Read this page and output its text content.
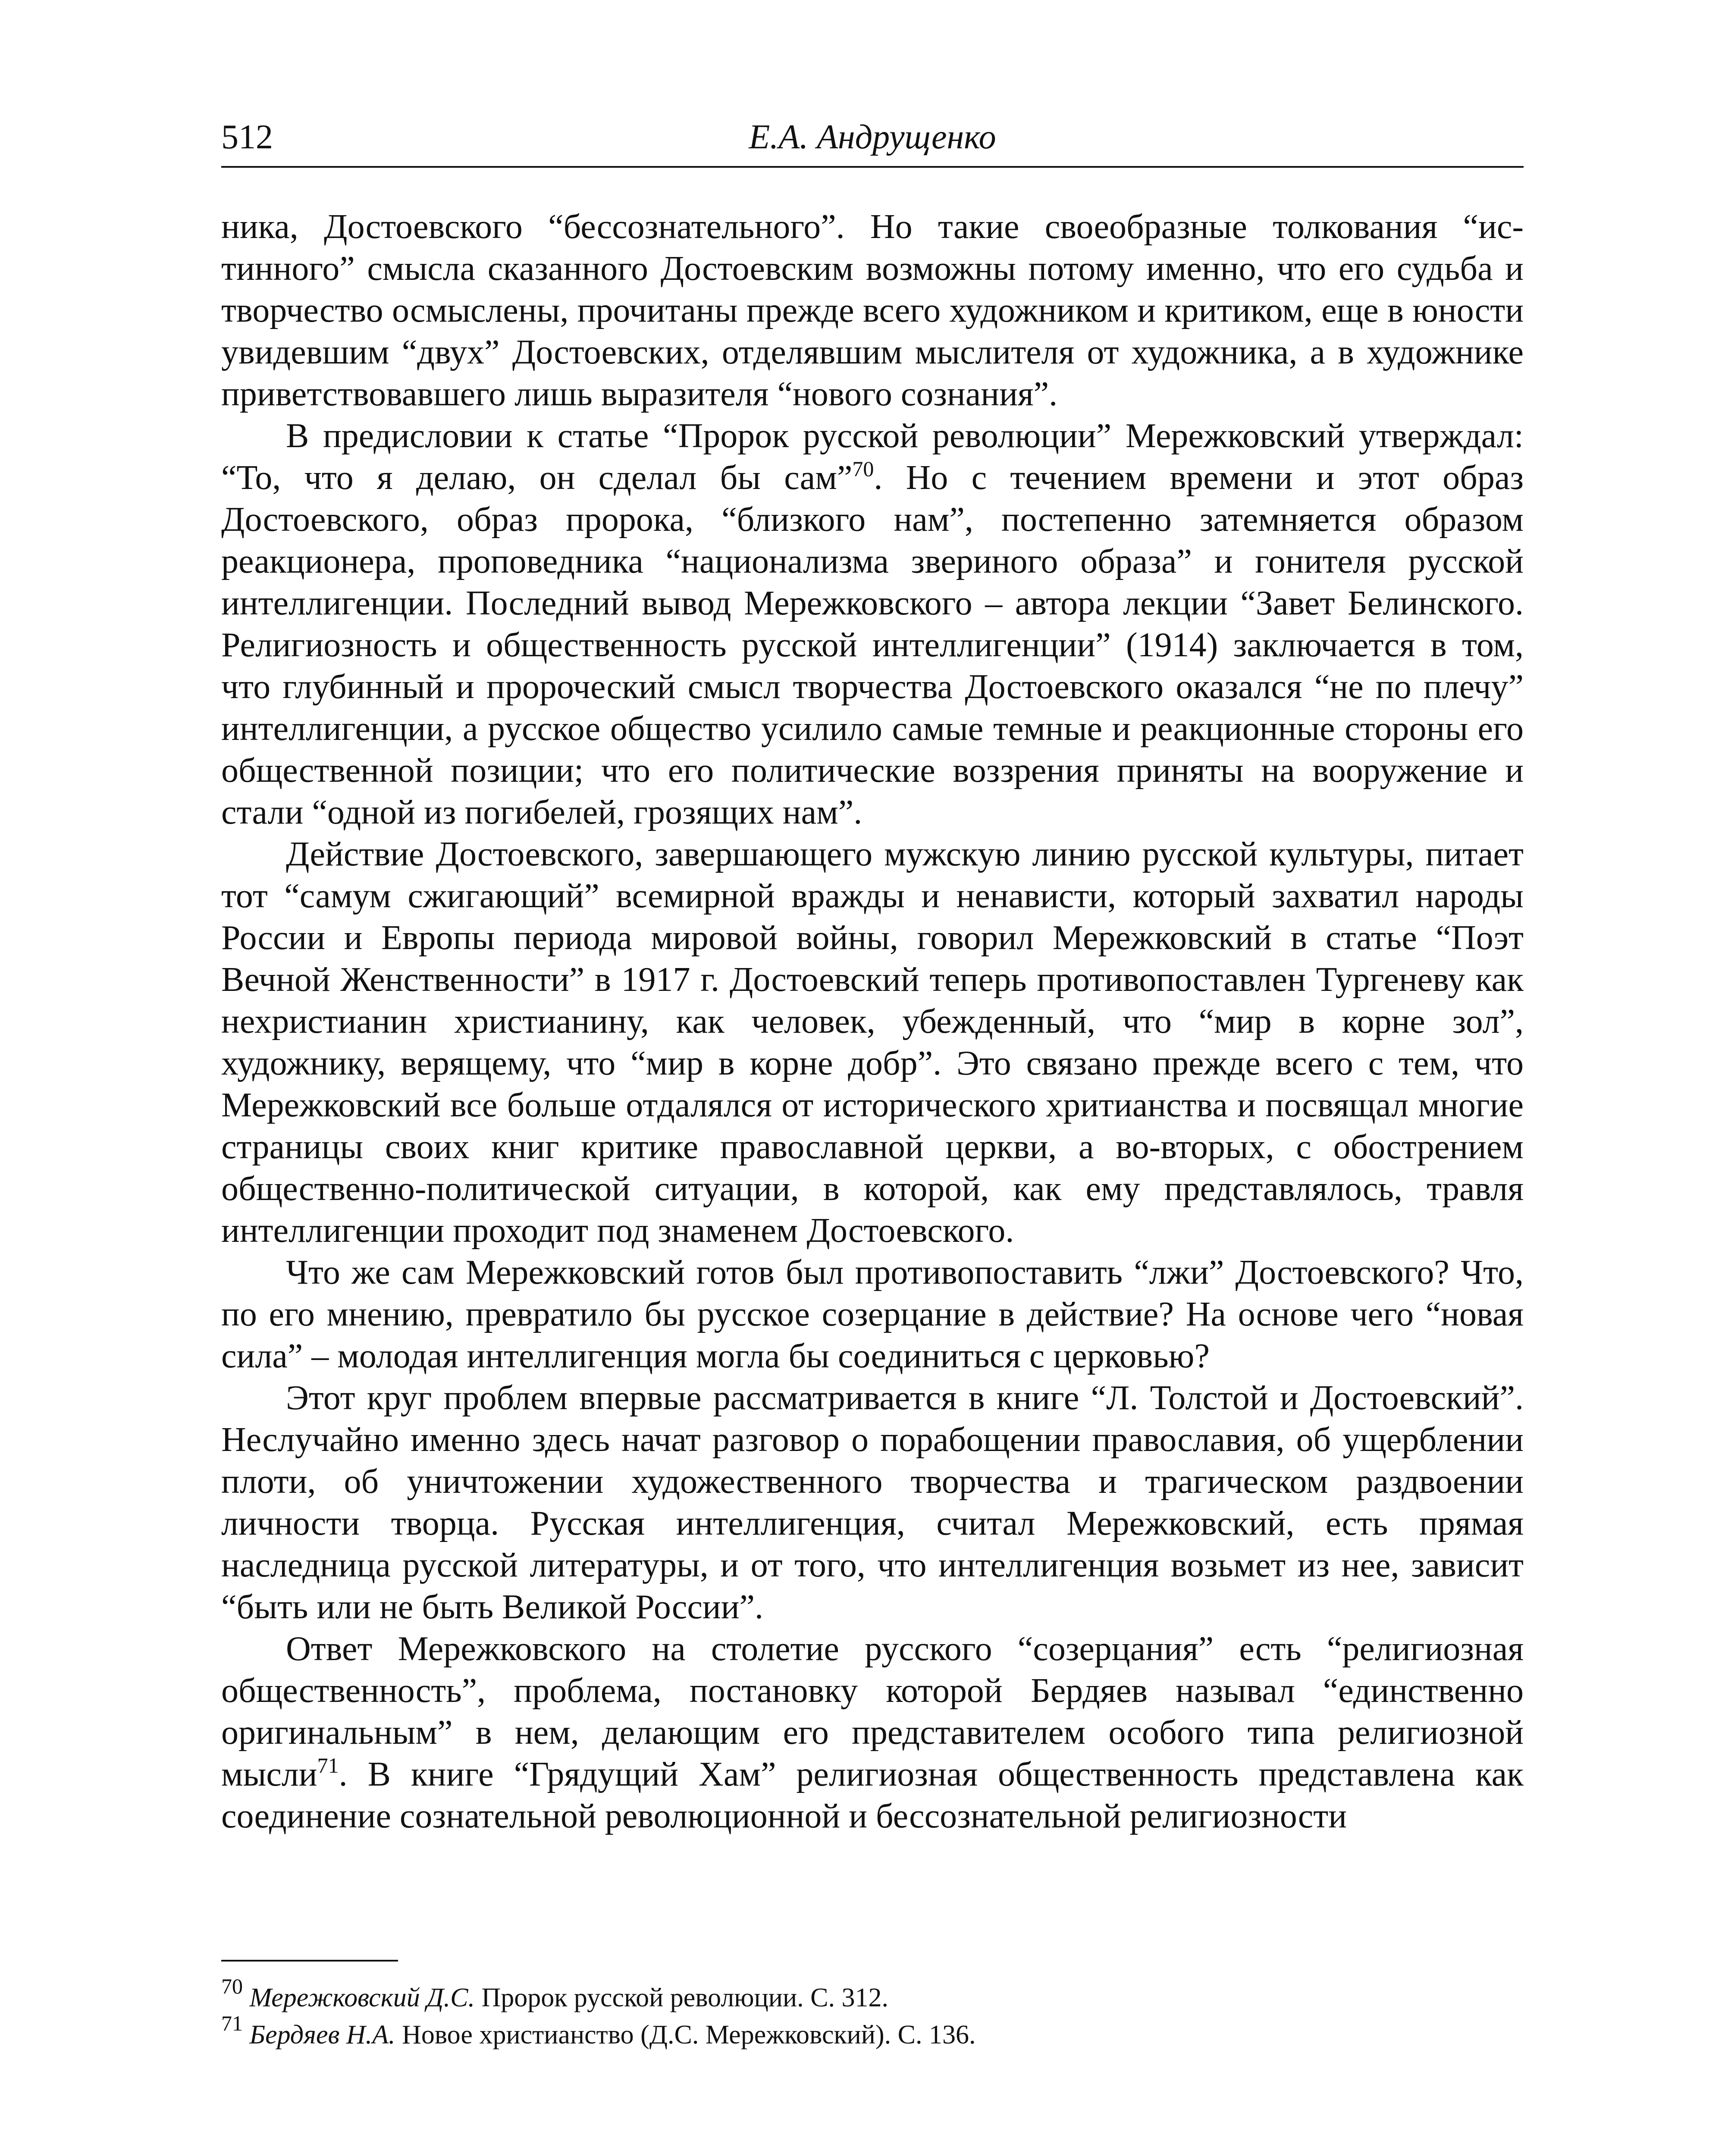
512	Е.А. Андрущенко

ника, Достоевского “бессознательного”. Но такие своеобразные толкования “истинного” смысла сказанного Достоевским возможны потому именно, что его судьба и творчество осмыслены, прочитаны прежде всего художником и критиком, еще в юности увидевшим “двух” Достоевских, отделявшим мыслителя от художника, а в художнике приветствовавшего лишь выразителя “нового сознания”.

В предисловии к статье “Пророк русской революции” Мережковский утверждал: “То, что я делаю, он сделал бы сам”$^{70}$. Но с течением времени и этот образ Достоевского, образ пророка, “близкого нам”, постепенно затемняется образом реакционера, проповедника “национализма звериного образа” и гонителя русской интеллигенции. Последний вывод Мережковского – автора лекции “Завет Белинского. Религиозность и общественность русской интеллигенции” (1914) заключается в том, что глубинный и пророческий смысл творчества Достоевского оказался “не по плечу” интеллигенции, а русское общество усилило самые темные и реакционные стороны его общественной позиции; что его политические воззрения приняты на вооружение и стали “одной из погибелей, грозящих нам”.

Действие Достоевского, завершающего мужскую линию русской культуры, питает тот “самум сжигающий” всемирной вражды и ненависти, который захватил народы России и Европы периода мировой войны, говорил Мережковский в статье “Поэт Вечной Женственности” в 1917 г. Достоевский теперь противопоставлен Тургеневу как нехристианин христианину, как человек, убежденный, что “мир в корне зол”, художнику, верящему, что “мир в корне добр”. Это связано прежде всего с тем, что Мережковский все больше отдалялся от исторического хритианства и посвящал многие страницы своих книг критике православной церкви, а во-вторых, с обострением общественно-политической ситуации, в которой, как ему представлялось, травля интеллигенции проходит под знаменем Достоевского.

Что же сам Мережковский готов был противопоставить “лжи” Достоевского? Что, по его мнению, превратило бы русское созерцание в действие? На основе чего “новая сила” – молодая интеллигенция могла бы соединиться с церковью?

Этот круг проблем впервые рассматривается в книге “Л. Толстой и Достоевский”. Неслучайно именно здесь начат разговор о порабощении православия, об ущерблении плоти, об уничтожении художественного творчества и трагическом раздвоении личности творца. Русская интеллигенция, считал Мережковский, есть прямая наследница русской литературы, и от того, что интеллигенция возьмет из нее, зависит “быть или не быть Великой России”.

Ответ Мережковского на столетие русского “созерцания” есть “религиозная общественность”, проблема, постановку которой Бердяев называл “единственно оригинальным” в нем, делающим его представителем особого типа религиозной мысли$^{71}$. В книге “Грядущий Хам” религиозная общественность представлена как соединение сознательной революционной и бессознательной религиозности

$^{70}$ Мережковский Д.С. Пророк русской революции. С. 312.

$^{71}$ Бердяев Н.А. Новое христианство (Д.С. Мережковский). С. 136.
